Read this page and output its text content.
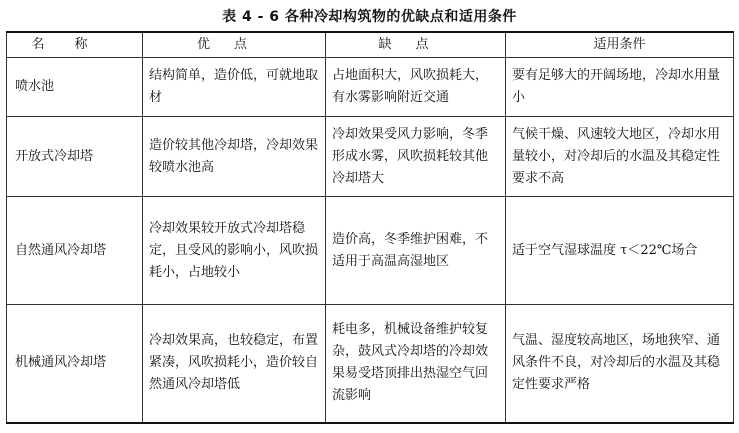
表 4 - 6 各种冷却构筑物的优缺点和适用条件
名称	优点	缺点	适用条件
喷水池	结构简单，造价低，可就地取材	占地面积大，风吹损耗大，有水雾影响附近交通	要有足够大的开阔场地，冷却水用量小
开放式冷却塔	造价较其他冷却塔，冷却效果较喷水池高	冷却效果受风力影响，冬季形成水雾，风吹损耗较其他冷却塔大	气候干燥、风速较大地区，冷却水用量较小，对冷却后的水温及其稳定性要求不高
自然通风冷却塔	冷却效果较开放式冷却塔稳定，且受风的影响小，风吹损耗小，占地较小	造价高，冬季维护困难，不适用于高温高湿地区	适于空气湿球温度 τ＜22℃场合
机械通风冷却塔	冷却效果高，也较稳定，布置紧凑，风吹损耗小，造价较自然通风冷却塔低	耗电多，机械设备维护较复杂，鼓风式冷却塔的冷却效果易受塔顶排出热湿空气回流影响	气温、湿度较高地区，场地狭窄、通风条件不良，对冷却后的水温及其稳定性要求严格
